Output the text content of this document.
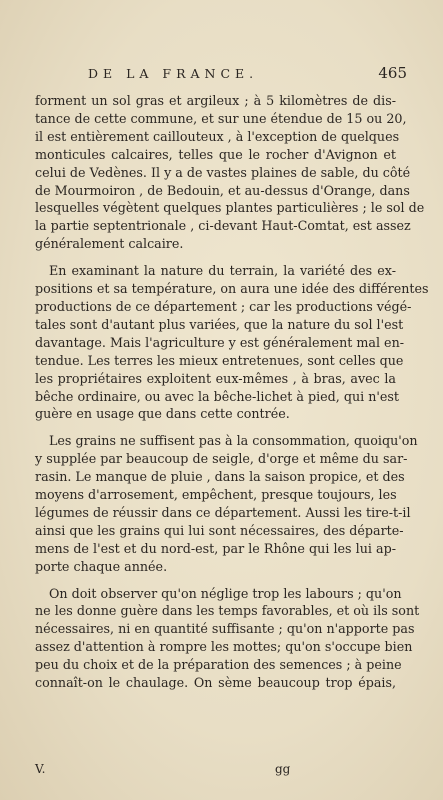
DE LA FRANCE.	465

forment un sol gras et argileux ; à 5 kilomètres de dis-
tance de cette commune, et sur une étendue de 15 ou 20,
il est entièrement caillouteux , à l'exception de quelques
monticules calcaires, telles que le rocher d'Avignon et
celui de Vedènes. Il y a de vastes plaines de sable, du côté
de Mourmoiron , de Bedouin, et au-dessus d'Orange, dans
lesquelles végètent quelques plantes particulières ; le sol de
la partie septentrionale , ci-devant Haut-Comtat, est assez
généralement calcaire.

En examinant la nature du terrain, la variété des ex-
positions et sa température, on aura une idée des différentes
productions de ce département ; car les productions végé-
tales sont d'autant plus variées, que la nature du sol l'est
davantage. Mais l'agriculture y est généralement mal en-
tendue. Les terres les mieux entretenues, sont celles que
les propriétaires exploitent eux-mêmes , à bras, avec la
bêche ordinaire, ou avec la bêche-lichet à pied, qui n'est
guère en usage que dans cette contrée.

Les grains ne suffisent pas à la consommation, quoiqu'on
y supplée par beaucoup de seigle, d'orge et même du sar-
rasin. Le manque de pluie , dans la saison propice, et des
moyens d'arrosement, empêchent, presque toujours, les
légumes de réussir dans ce département. Aussi les tire-t-il
ainsi que les grains qui lui sont nécessaires, des départe-
mens de l'est et du nord-est, par le Rhône qui les lui ap-
porte chaque année.

On doit observer qu'on néglige trop les labours ; qu'on
ne les donne guère dans les temps favorables, et où ils sont
nécessaires, ni en quantité suffisante ; qu'on n'apporte pas
assez d'attention à rompre les mottes; qu'on s'occupe bien
peu du choix et de la préparation des semences ; à peine
connaît-on le chaulage. On sème beaucoup trop épais,

V.	gg
